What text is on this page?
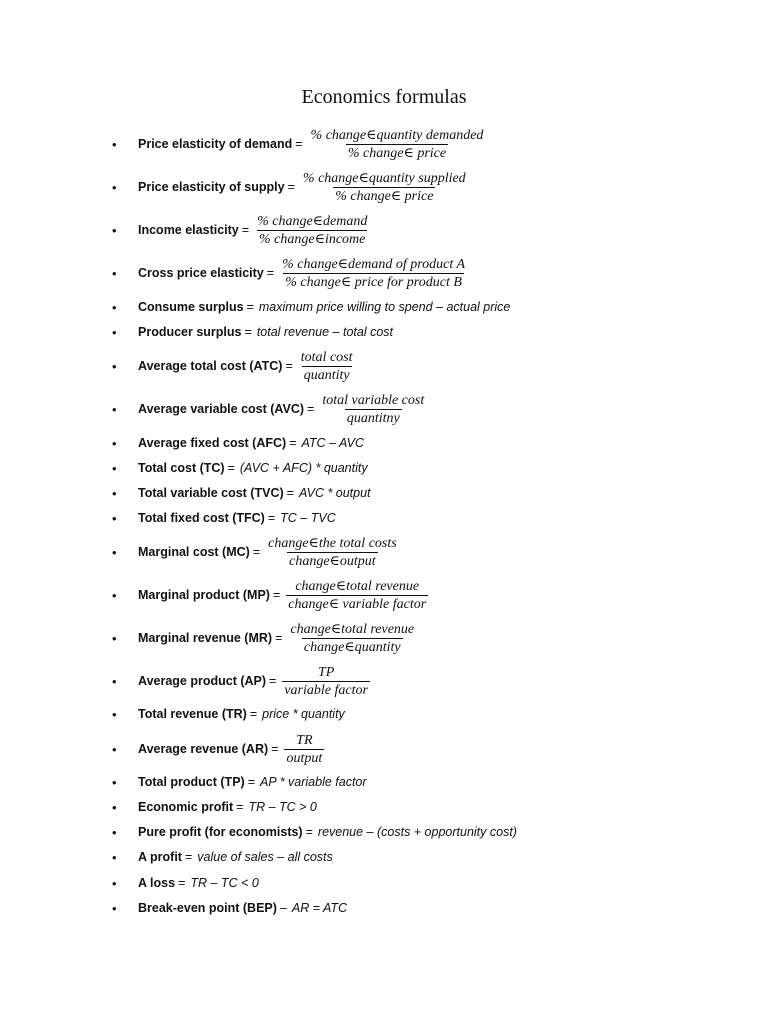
Economics formulas
•	Price elasticity of demand = $\frac{\text{\% change∈quantity demanded}}{\text{\% change∈ price}}$
•	Price elasticity of supply = $\frac{\text{\% change∈quantity supplied}}{\text{\% change∈ price}}$
•	Income elasticity = $\frac{\text{\% change∈demand}}{\text{\% change∈income}}$
•	Cross price elasticity = $\frac{\text{\% change∈demand of product A}}{\text{\% change∈ price for product B}}$
•	Consume surplus = maximum price willing to spend – actual price
•	Producer surplus = total revenue – total cost
•	Average total cost $(ATC) = \frac{\text{total cost}}{\text{quantity}}$
•	Average variable cost $(AVC) = \frac{\text{total variable cost}}{\text{quantitny}}$
•	Average fixed cost (AFC) = ATC – AVC
•	Total cost (TC) = (AVC + AFC) * quantity
•	Total variable cost (TVC) = AVC * output
•	Total fixed cost (TFC) = TC – TVC
•	Marginal cost $(MC) = \frac{\text{change∈the total costs}}{\text{change∈output}}$
•	Marginal product $(MP) = \frac{\text{change∈total revenue}}{\text{change∈ variable factor}}$
•	Marginal revenue $(MR) = \frac{\text{change∈total revenue}}{\text{change∈quantity}}$
•	Average product $(AP) = \frac{TP}{\text{variable factor}}$
•	Total revenue (TR) = price * quantity
•	Average revenue $(AR) = \frac{TR}{\text{output}}$
•	Total product (TP) = AP * variable factor
•	Economic profit = TR – TC > 0
•	Pure profit (for economists) = revenue – (costs + opportunity cost)
•	A profit = value of sales – all costs
•	A loss = TR – TC < 0
•	Break-even point (BEP) – AR = ATC
